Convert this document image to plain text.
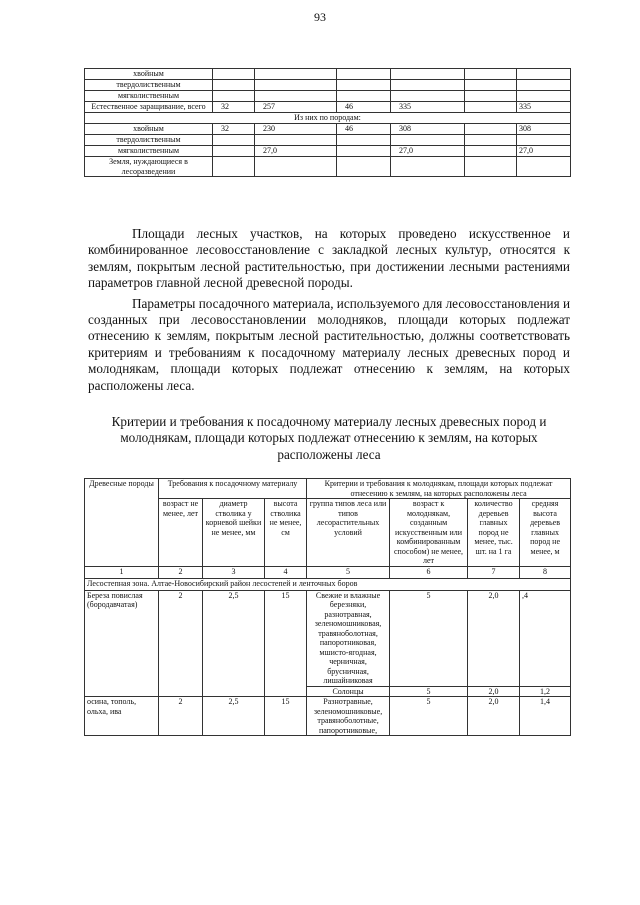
93
хвойным						
твердолиственным						
мягколиственным						
Естественное заращивание, всего	32	257	46	335		335
Из них по породам:						
хвойным	32	230	46	308		308
твердолиственным						
мягколиственным		27,0		27,0		27,0
Земля, нуждающиеся в лесоразведении						

Площади лесных участков, на которых проведено искусственное и комбинированное лесовосстановление с закладкой лесных культур, относятся к землям, покрытым лесной растительностью, при достижении лесными растениями параметров главной лесной древесной породы.

Параметры посадочного материала, используемого для лесовосстановления и созданных при лесовосстановлении молодняков, площади которых подлежат отнесению к землям, покрытым лесной растительностью, должны соответствовать критериям и требованиям к посадочному материалу лесных древесных пород и молоднякам, площади которых подлежат отнесению к землям, на которых расположены леса.

Критерии и требования к посадочному материалу лесных древесных пород и молоднякам, площади которых подлежат отнесению к землям, на которых расположены леса
Древесные породы	Требования к посадочному материалу			Критерии и требования к молоднякам, площади которых подлежат отнесению к землям, на которых расположены леса			
	возраст не менее, лет	диаметр стволика у корневой шейки не менее, мм	высота стволика не менее, см	группа типов леса или типов лесорастительных условий	возраст к молоднякам, созданным искусственным или комбинированным способом) не менее, лет	количество деревьев главных пород не менее, тыс. шт. на 1 га	средняя высота деревьев главных пород не менее, м
1	2	3	4	5	6	7	8
Лесостепная зона. Алтае-Новосибирский район лесостепей и ленточных боров							
Береза повислая (бородавчатая)	2	2,5	15	Свежие и влажные березняки, разнотравная, зеленомошниковая, травяноболотная, папоротниковая, мшисто-ягодная, черничная, брусничная, лишайниковая	5	2,0	,4
				Солонцы	5	2,0	1,2
осина, тополь, ольха, ива	2	2,5	15	Разнотравные, зеленомошниковые, травяноболотные, папоротниковые,	5	2,0	1,4
